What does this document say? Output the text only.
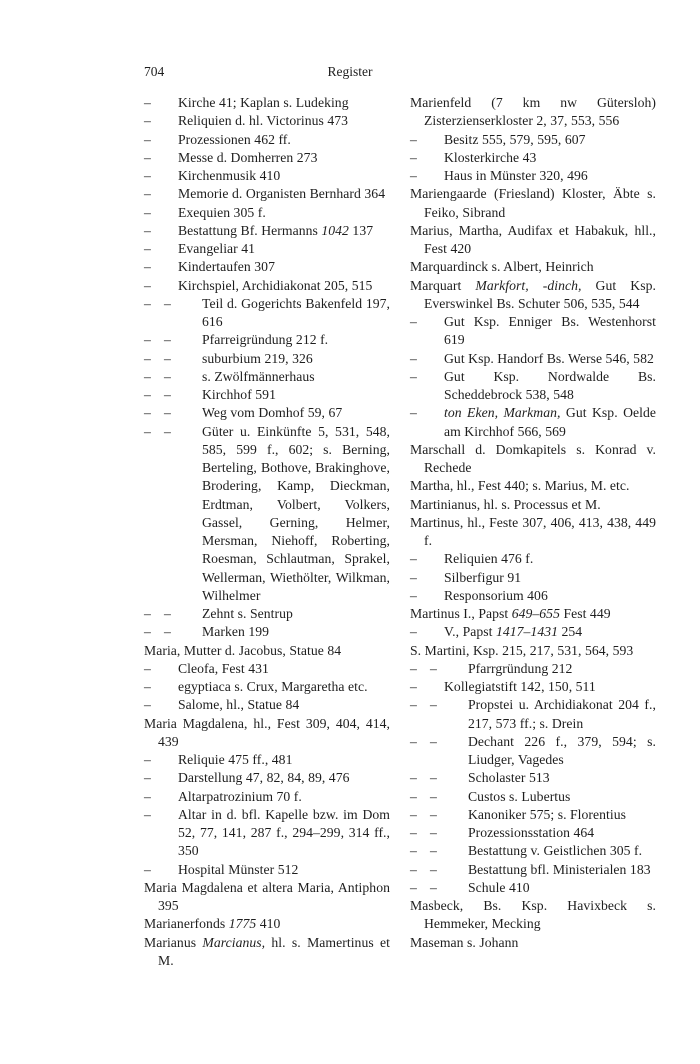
704	Register
–
Kirche 41; Kaplan s. Ludeking
–
Reliquien d. hl. Victorinus 473
–
Prozessionen 462 ff.
–
Messe d. Domherren 273
–
Kirchenmusik 410
–
Memorie d. Organisten Bernhard 364
–
Exequien 305 f.
–
Bestattung Bf. Hermanns 1042 137
–
Evangeliar 41
–
Kindertaufen 307
–
Kirchspiel, Archidiakonat 205, 515
–
–
Teil d. Gogerichts Bakenfeld 197, 616
–
–
Pfarreigründung 212 f.
–
–
suburbium 219, 326
–
–
s. Zwölfmännerhaus
–
–
Kirchhof 591
–
–
Weg vom Domhof 59, 67
–
–
Güter u. Einkünfte 5, 531, 548, 585, 599 f., 602; s. Berning, Berteling, Bothove, Brakinghove, Brodering, Kamp, Dieckman, Erdtman, Volbert, Volkers, Gassel, Gerning, Helmer, Mersman, Niehoff, Roberting, Roesman, Schlautman, Sprakel, Wellerman, Wiethölter, Wilkman, Wilhelmer
–
–
Zehnt s. Sentrup
–
–
Marken 199
Maria, Mutter d. Jacobus, Statue 84
–
Cleofa, Fest 431
–
egyptiaca s. Crux, Margaretha etc.
–
Salome, hl., Statue 84
Maria Magdalena, hl., Fest 309, 404, 414, 439
–
Reliquie 475 ff., 481
–
Darstellung 47, 82, 84, 89, 476
–
Altarpatrozinium 70 f.
–
Altar in d. bfl. Kapelle bzw. im Dom 52, 77, 141, 287 f., 294–299, 314 ff., 350
–
Hospital Münster 512
Maria Magdalena et altera Maria, Antiphon 395
Marianerfonds 1775 410
Marianus Marcianus, hl. s. Mamertinus et M.
Marienfeld (7 km nw Gütersloh) Zisterzienserkloster 2, 37, 553, 556
–
Besitz 555, 579, 595, 607
–
Klosterkirche 43
–
Haus in Münster 320, 496
Mariengaarde (Friesland) Kloster, Äbte s. Feiko, Sibrand
Marius, Martha, Audifax et Habakuk, hll., Fest 420
Marquardinck s. Albert, Heinrich
Marquart Markfort, -dinch, Gut Ksp. Everswinkel Bs. Schuter 506, 535, 544
–
Gut Ksp. Enniger Bs. Westenhorst 619
–
Gut Ksp. Handorf Bs. Werse 546, 582
–
Gut Ksp. Nordwalde Bs. Scheddebrock 538, 548
–
ton Eken, Markman, Gut Ksp. Oelde am Kirchhof 566, 569
Marschall d. Domkapitels s. Konrad v. Rechede
Martha, hl., Fest 440; s. Marius, M. etc.
Martinianus, hl. s. Processus et M.
Martinus, hl., Feste 307, 406, 413, 438, 449 f.
–
Reliquien 476 f.
–
Silberfigur 91
–
Responsorium 406
Martinus I., Papst 649–655 Fest 449
–
V., Papst 1417–1431 254
S. Martini, Ksp. 215, 217, 531, 564, 593
–
–
Pfarrgründung 212
–
Kollegiatstift 142, 150, 511
–
–
Propstei u. Archidiakonat 204 f., 217, 573 ff.; s. Drein
–
–
Dechant 226 f., 379, 594; s. Liudger, Vagedes
–
–
Scholaster 513
–
–
Custos s. Lubertus
–
–
Kanoniker 575; s. Florentius
–
–
Prozessionsstation 464
–
–
Bestattung v. Geistlichen 305 f.
–
–
Bestattung bfl. Ministerialen 183
–
–
Schule 410
Masbeck, Bs. Ksp. Havixbeck s. Hemmeker, Mecking
Maseman s. Johann
